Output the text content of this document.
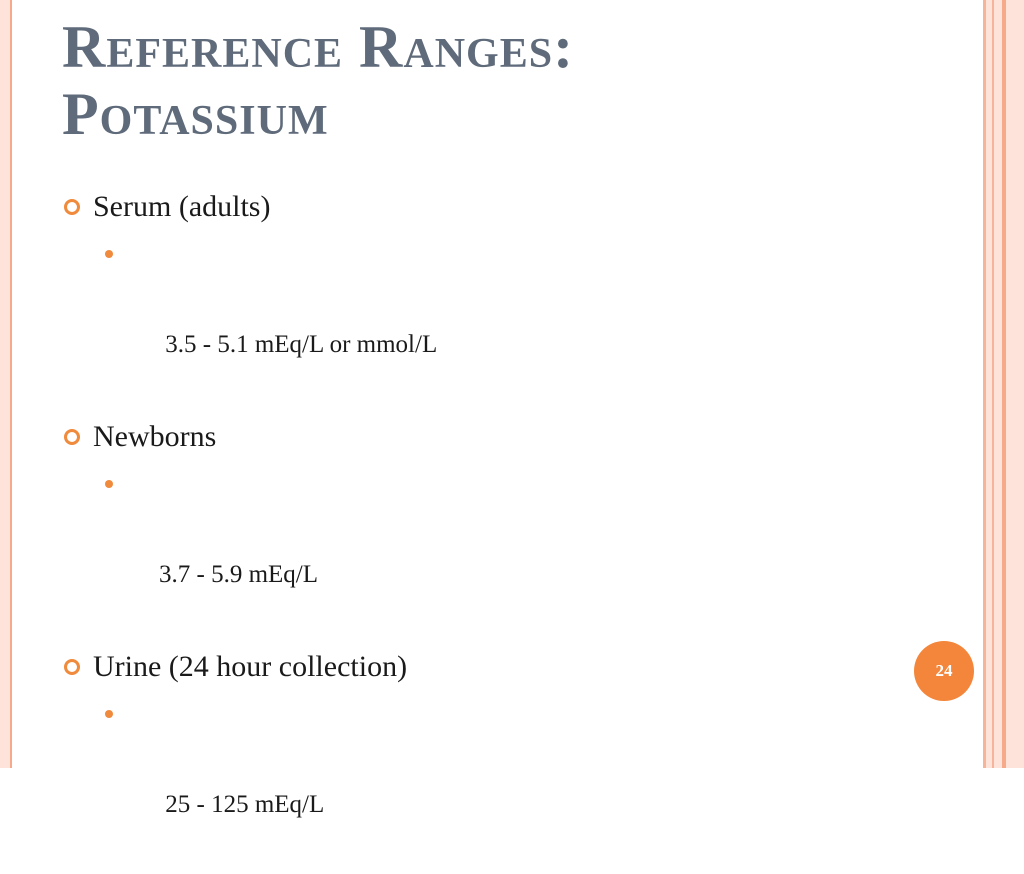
Reference Ranges:
Potassium
Serum (adults)

3.5 - 5.1 mEq/L or mmol/L

Newborns

3.7 - 5.9 mEq/L

Urine (24 hour collection)

25 - 125 mEq/L

24
